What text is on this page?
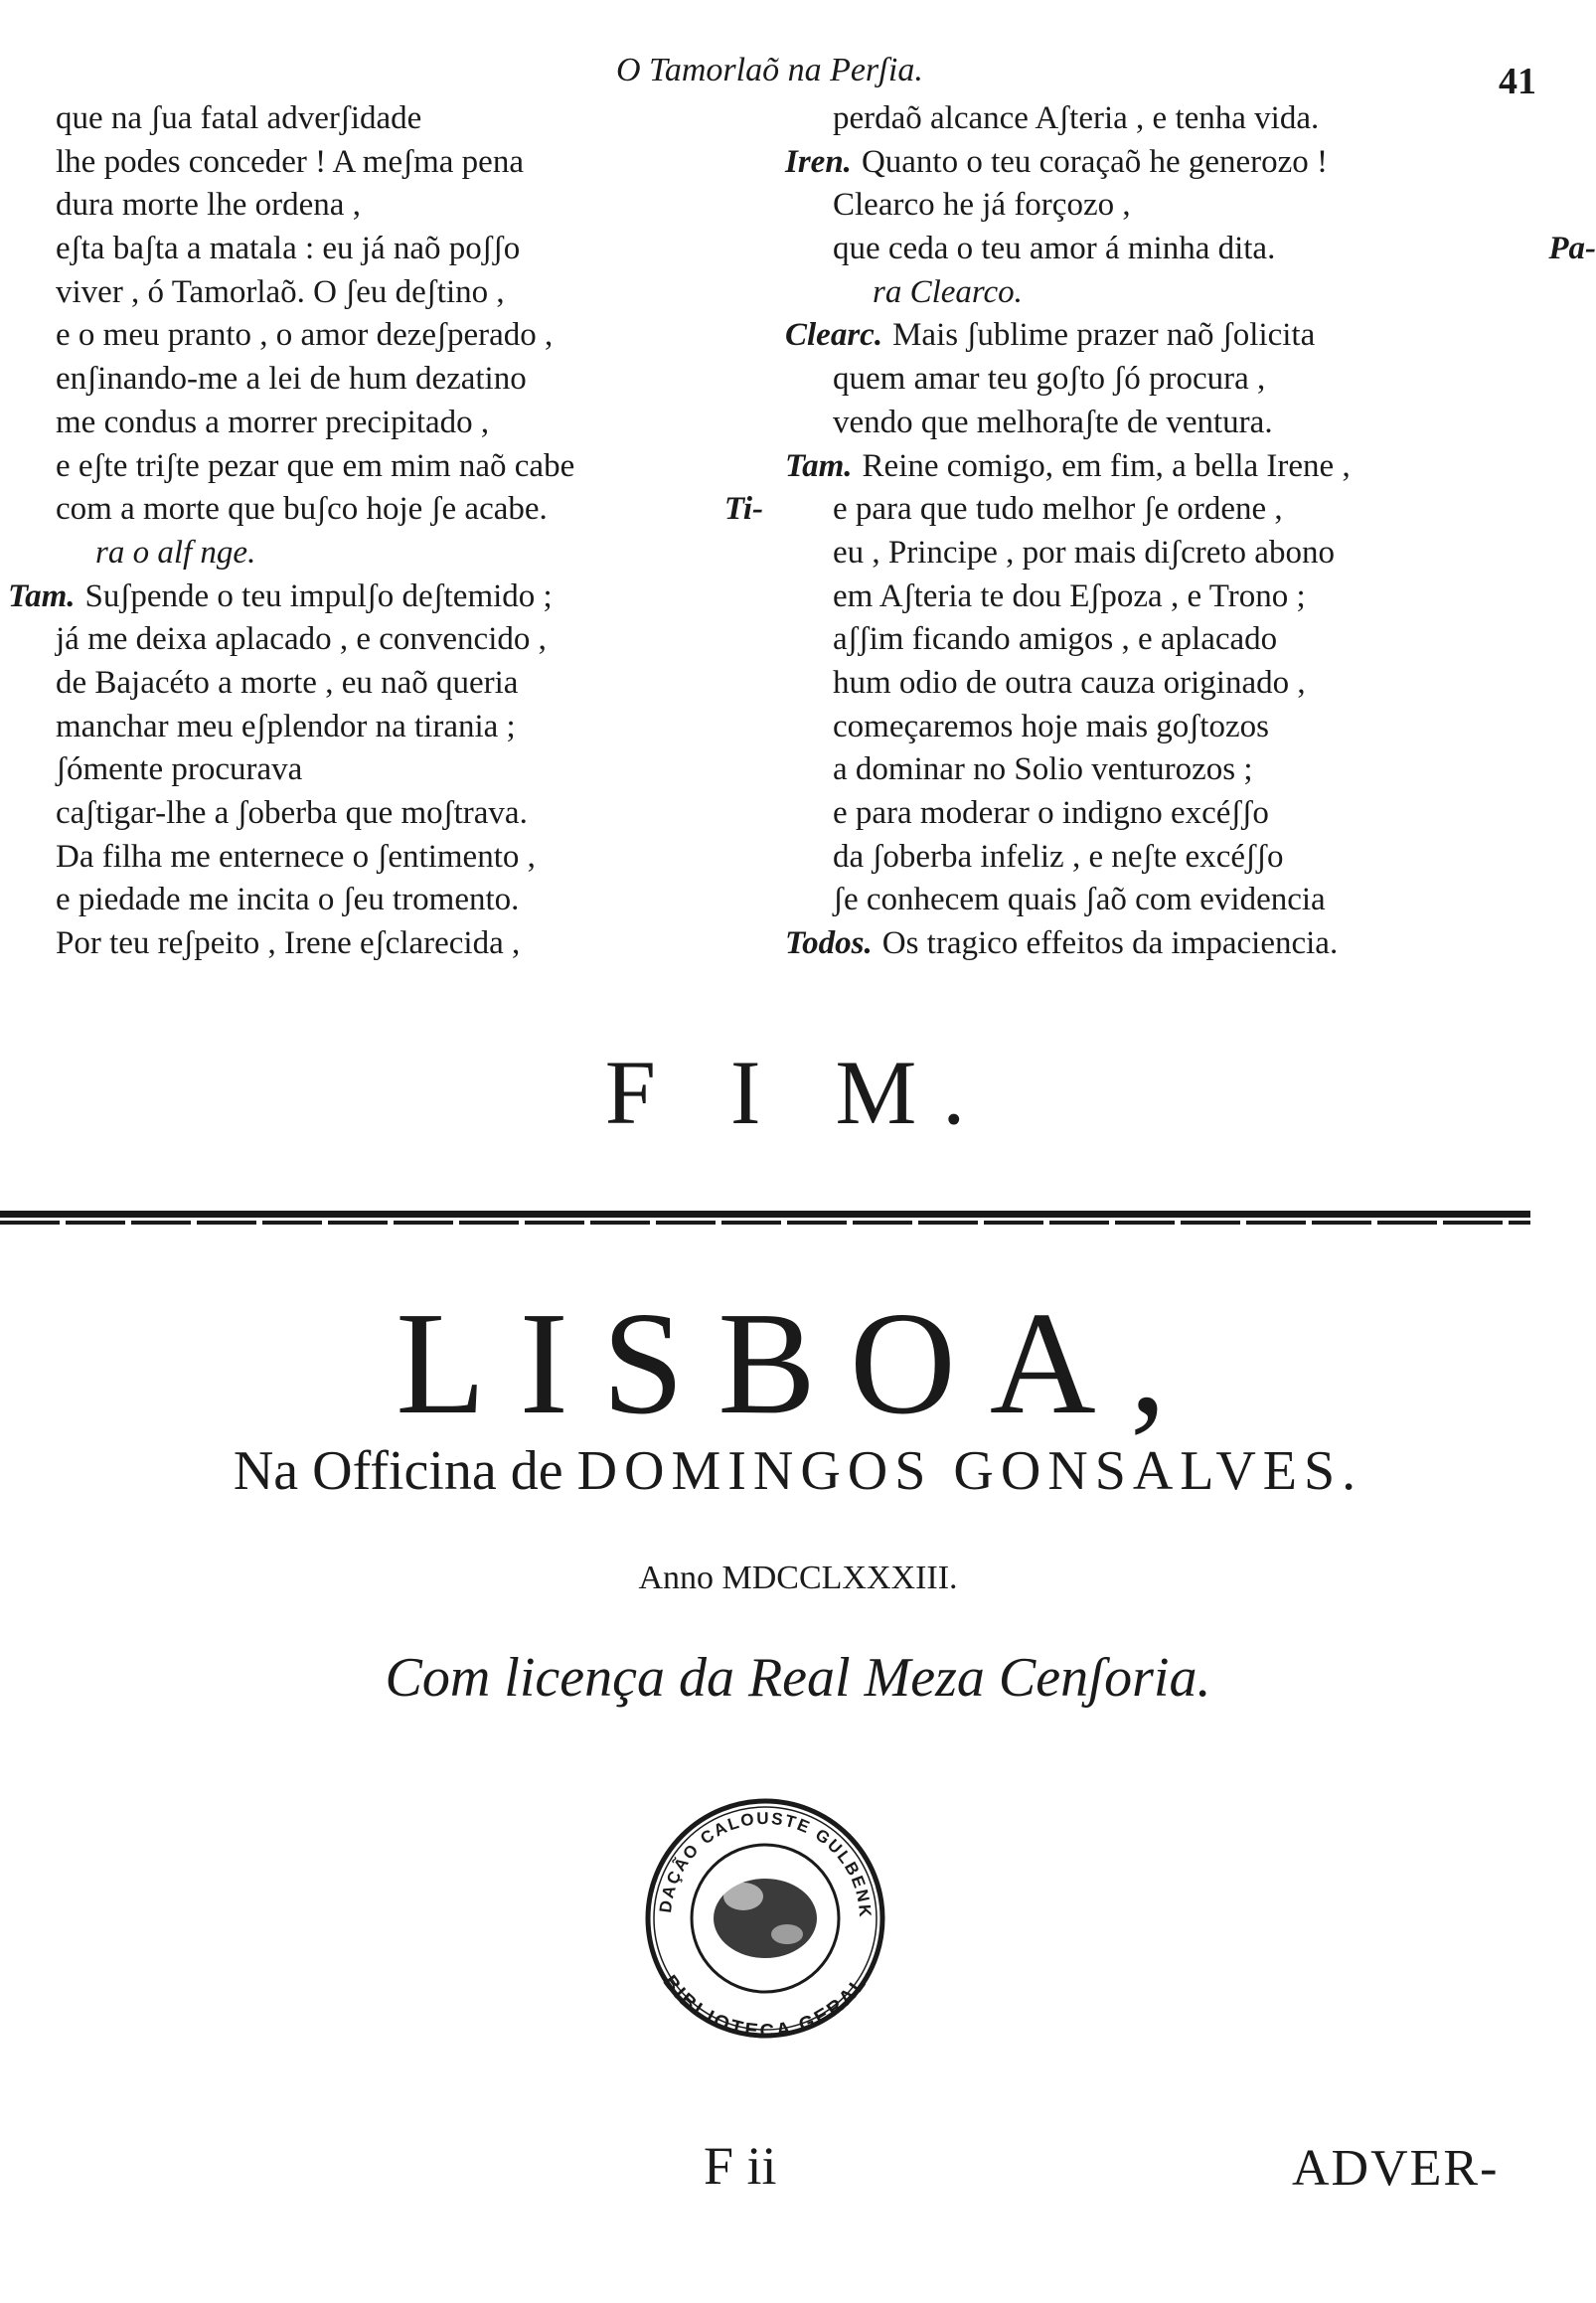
O Tamorlaõ na Perʃia.	41
que na ʃua fatal adverʃidade
lhe podes conceder ! A meʃma pena
dura morte lhe ordena ,
eʃta baʃta a matala : eu já naõ poʃʃo
viver , ó Tamorlaõ. O ʃeu deʃtino ,
e o meu pranto , o amor dezeʃperado ,
enʃinando-me a lei de hum dezatino
me condus a morrer precipitado ,
e eʃte triʃte pezar que em mim naõ cabe
com a morte que buʃco hoje ʃe acabe.	Ti-
ra o alf nge.
Tam. Suʃpende o teu impulʃo deʃtemido ;
já me deixa aplacado , e convencido ,
de Bajacéto a morte , eu naõ queria
manchar meu eʃplendor na tirania ;
ʃómente procurava
caʃtigar-lhe a ʃoberba que moʃtrava.
Da filha me enternece o ʃentimento ,
e piedade me incita o ʃeu tromento.
Por teu reʃpeito , Irene eʃclarecida ,
perdaõ alcance Aʃteria , e tenha vida.
Iren. Quanto o teu coraçaõ he generozo !
Clearco he já forçozo ,
que ceda o teu amor á minha dita.	Pa-
ra Clearco.
Clearc. Mais ʃublime prazer naõ ʃolicita
quem amar teu goʃto ʃó procura ,
vendo que melhoraʃte de ventura.
Tam. Reine comigo, em fim, a bella Irene ,
e para que tudo melhor ʃe ordene ,
eu , Principe , por mais diʃcreto abono
em Aʃteria te dou Eʃpoza , e Trono ;
aʃʃim ficando amigos , e aplacado
hum odio de outra cauza originado ,
começaremos hoje mais goʃtozos
a dominar no Solio venturozos ;
e para moderar o indigno excéʃʃo
da ʃoberba infeliz , e neʃte excéʃʃo
ʃe conhecem quais ʃaõ com evidencia
Todos. Os tragico effeitos da impaciencia.
F I M.
LISBOA,
Na Officina de DOMINGOS GONSALVES.
Anno MDCCLXXXIII.
Com licença da Real Meza Cenʃoria.
DAÇÃO CALOUSTE GULBENK
BIBLIOTECA GERAL
F ii	ADVER-
